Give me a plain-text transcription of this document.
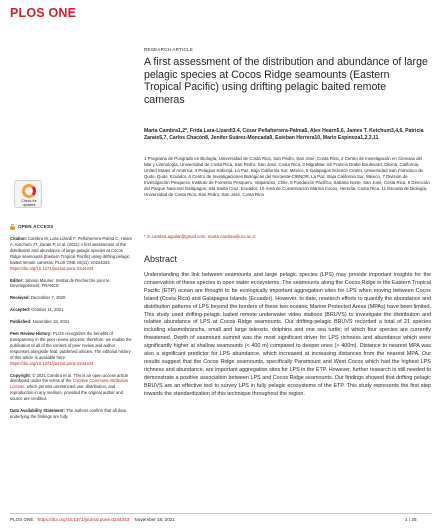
PLOS ONE
RESEARCH ARTICLE
A first assessment of the distribution and abundance of large pelagic species at Cocos Ridge seamounts (Eastern Tropical Pacific) using drifting pelagic baited remote cameras
Marta Cambra1,2*, Frida Lara-Lizardi3,4, César Peñaherrera-Palma5, Alex Hearn5,6, James T. Ketchum3,4,6, Patricia Zarate5,7, Carlos Chacón8, Jenifer Suárez-Moncada9, Esteban Herrera10, Mario Espinoza1,2,3,11
1 Programa de Posgrado en Biología, Universidad de Costa Rica, San Pedro, San José, Costa Rica, 2 Centro de Investigación en Ciencias del Mar y Limnología, Universidad de Costa Rica, San Pedro, San José, Costa Rica, 3 MigraMar, Sir Francis Drake Boulevard, Olema, California, United States of America, 4 Pelagios Kakunjá, La Paz, Baja California Sur, México, 5 Galapagos Science Center, Universidad San Francisco de Quito, Quito, Ecuador, 6 Centro de Investigaciones Biológicas del Noroeste-CIBNOR, La Paz, Baja California Sur, México, 7 División de Investigación Pesquera, Instituto de Fomento Pesquero, Valparaíso, Chile, 8 Fundación Pacífico, Sabana Norte, San José, Costa Rica, 9 Dirección del Parque Nacional Galápagos, Isla Santa Cruz, Ecuador, 10 Área de Conservación Marina Cocos, Heredia, Costa Rica, 11 Escuela de Biología, Universidad de Costa Rica, San Pedro, San José, Costa Rica
* m.cambra.aguilar@gmail.com, marta.cambra@ucr.ac.cr
Abstract
Understanding the link between seamounts and large pelagic species (LPS) may provide important insights for the conservation of these species in open water ecosystems. The seamounts along the Cocos Ridge in the Eastern Tropical Pacific (ETP) ocean are thought to be ecologically important aggregation sites for LPS when moving between Cocos Island (Costa Rica) and Galapagos Islands (Ecuador). However, to date, research efforts to quantify the abundance and distribution patterns of LPS beyond the borders of these two oceanic Marine Protected Areas (MPAs) have been limited. This study used drifting-pelagic baited remote underwater video stations (BRUVS) to investigate the distribution and relative abundance of LPS at Cocos Ridge seamounts. Our drifting-pelagic BRUVS recorded a total of 21 species including elasmobranchs, small and large teleosts, dolphins and one sea turtle; of which four species are currently threatened. Depth of seamount summit was the most significant driver for LPS richness and abundance which were significantly higher at shallow seamounts (< 400 m) compared to deeper ones (> 400m). Distance to nearest MPA was also a significant predictor for LPS abundance, which increased at increasing distances from the nearest MPA. Our results suggest that the Cocos Ridge seamounts, specifically Paramount and West Cocos which had the highest LPS richness and abundance, are important aggregation sites for LPS in the ETP. However, further research is still needed to demonstrate a positive association between LPS and Cocos Ridge seamounts. Our findings showed that drifting pelagic BRUVS are an effective tool to survey LPS in fully pelagic ecosystems of the ETP. This study represents the first step towards the standardization of this technique throughout the region.
Check for updates
OPEN ACCESS
Citation: Cambra M, Lara-Lizardi F, Peñaherrera-Palma C, Hearn A, Ketchum JT, Zarate P, et al. (2021) A first assessment of the distribution and abundance of large pelagic species at Cocos Ridge seamounts (Eastern Tropical Pacific) using drifting pelagic baited remote cameras. PLoS ONE 16(11): e0244343. https://doi.org/10.1371/journal.pone.0244343
Editor: Johann Mourier, Institut de Recherche pour le Developpement, FRANCE
Received: December 7, 2020
Accepted: October 11, 2021
Published: November 18, 2021
Peer Review History: PLOS recognizes the benefits of transparency in the peer review process; therefore, we enable the publication of all of the content of peer review and author responses alongside final, published articles. The editorial history of this article is available here: https://doi.org/10.1371/journal.pone.0244343
Copyright: © 2021 Cambra et al. This is an open access article distributed under the terms of the Creative Commons Attribution License, which permits unrestricted use, distribution, and reproduction in any medium, provided the original author and source are credited.
Data Availability Statement: The authors confirm that all data underlying the findings are fully
PLOS ONE https://doi.org/10.1371/journal.pone.0244343 November 18, 2021	1 / 25
